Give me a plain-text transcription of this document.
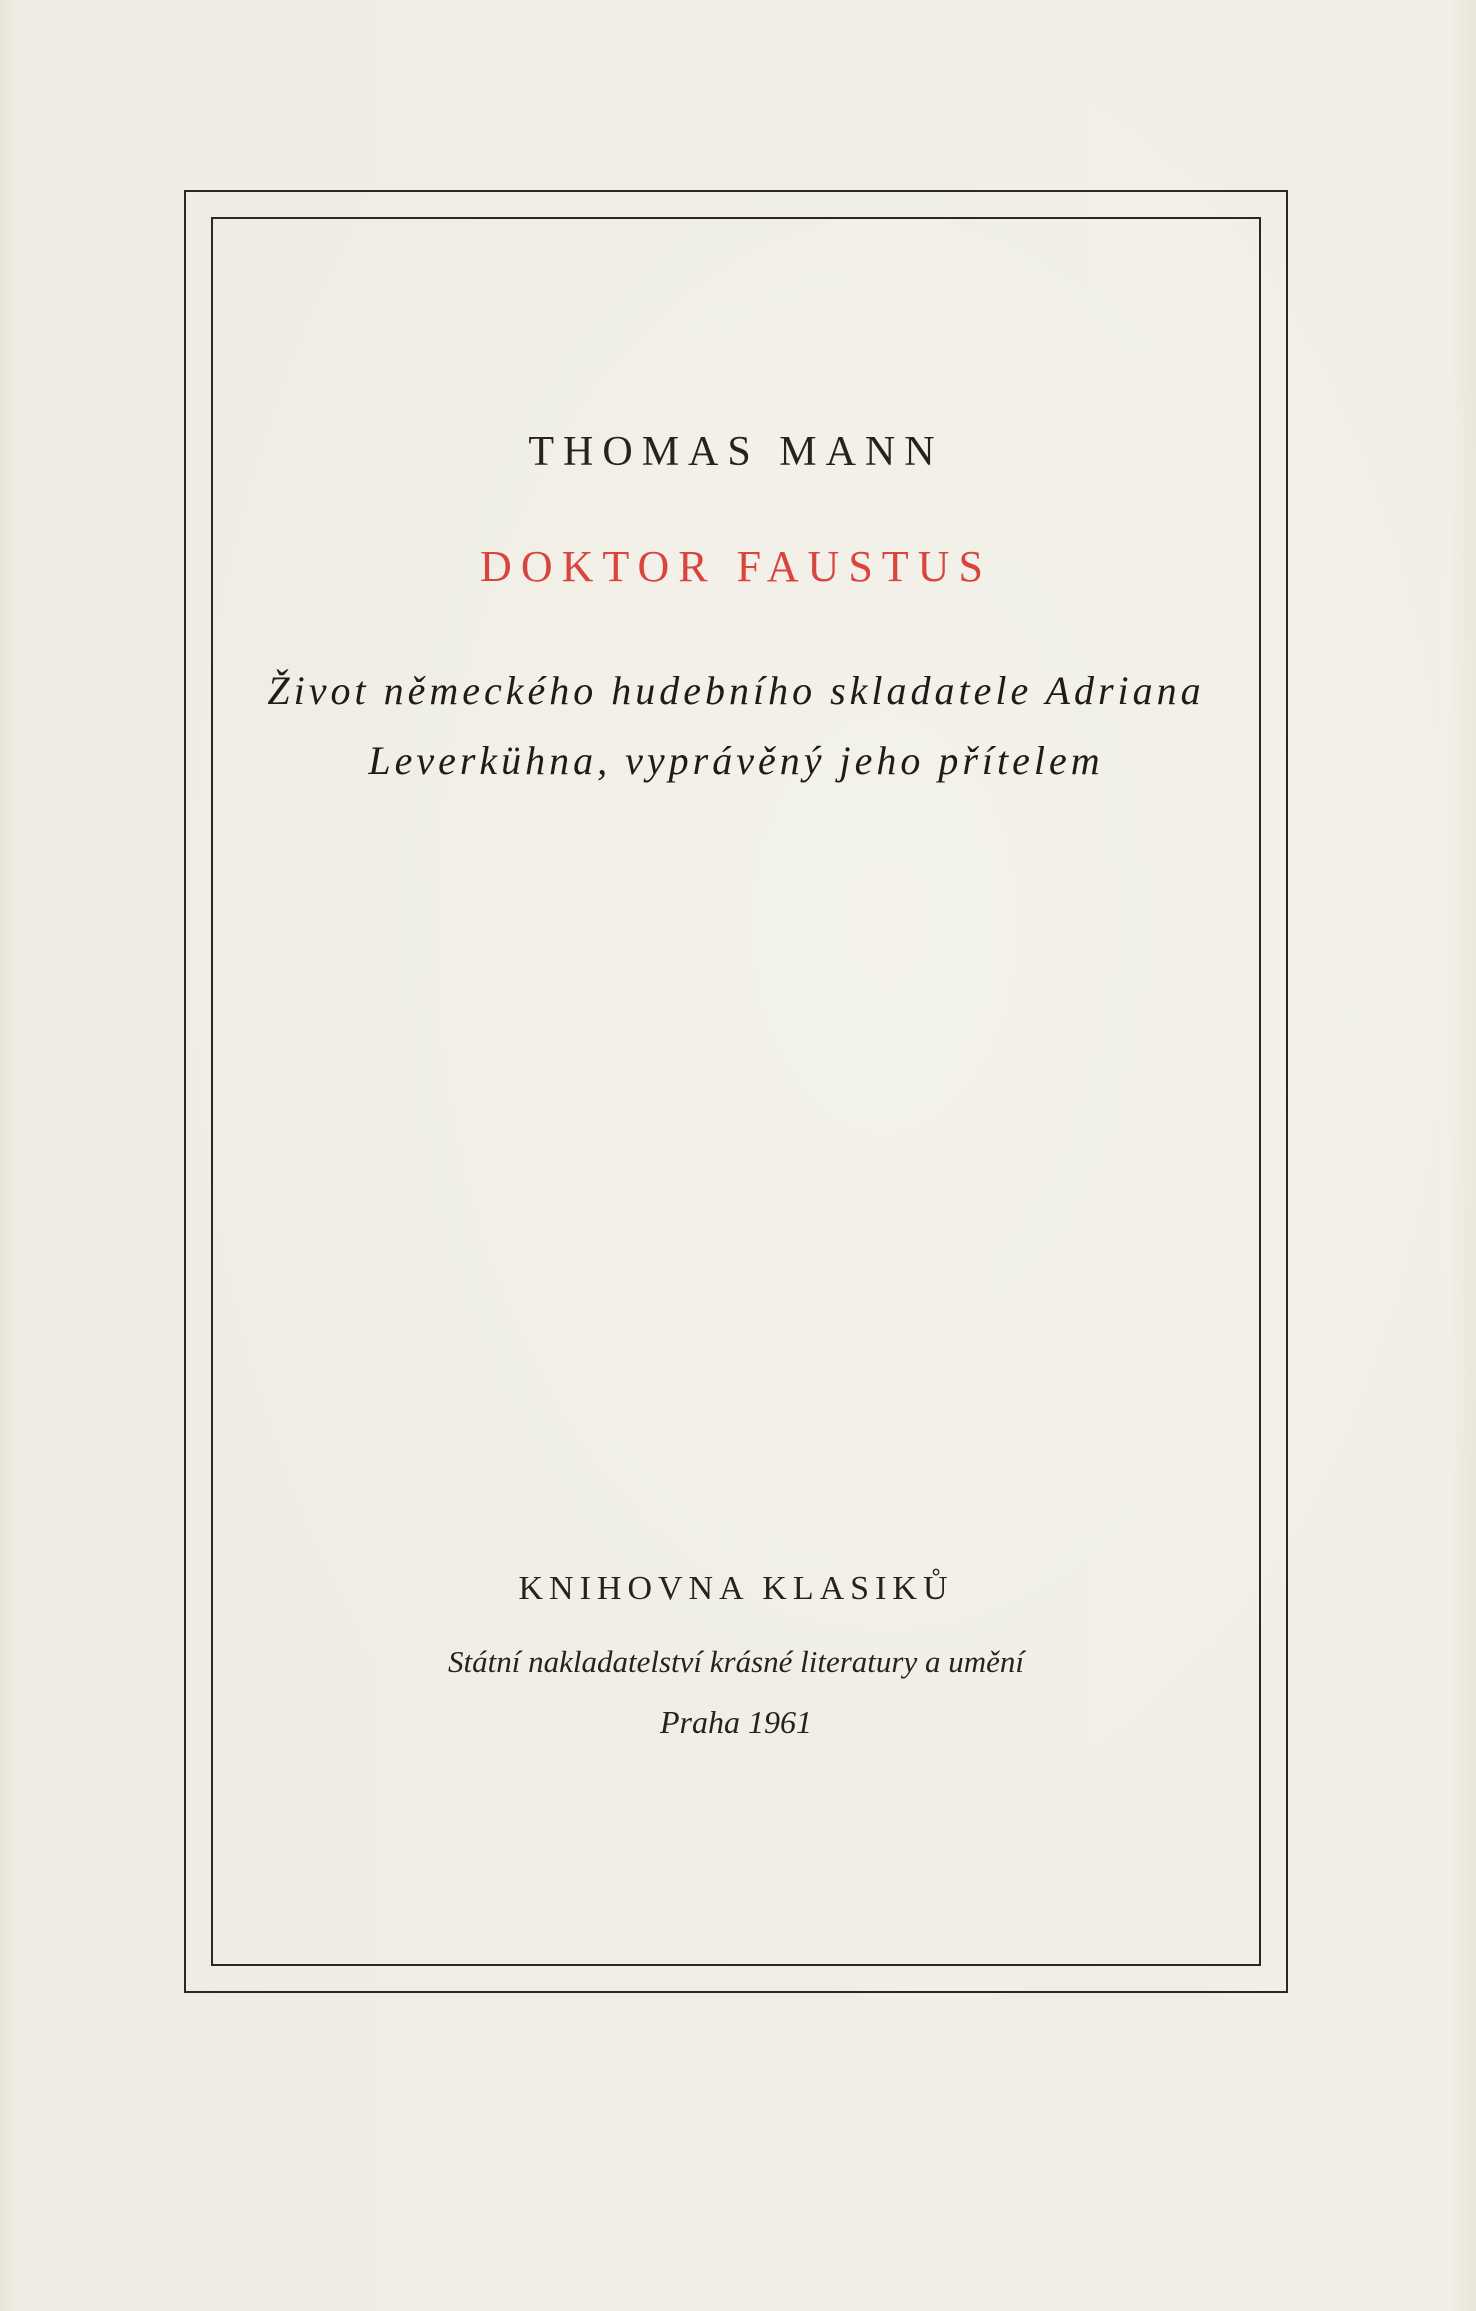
THOMAS MANN
DOKTOR FAUSTUS
Život německého hudebního skladatele Adriana
Leverkühna, vyprávěný jeho přítelem
KNIHOVNA KLASIKŮ
Státní nakladatelství krásné literatury a umění
Praha 1961
